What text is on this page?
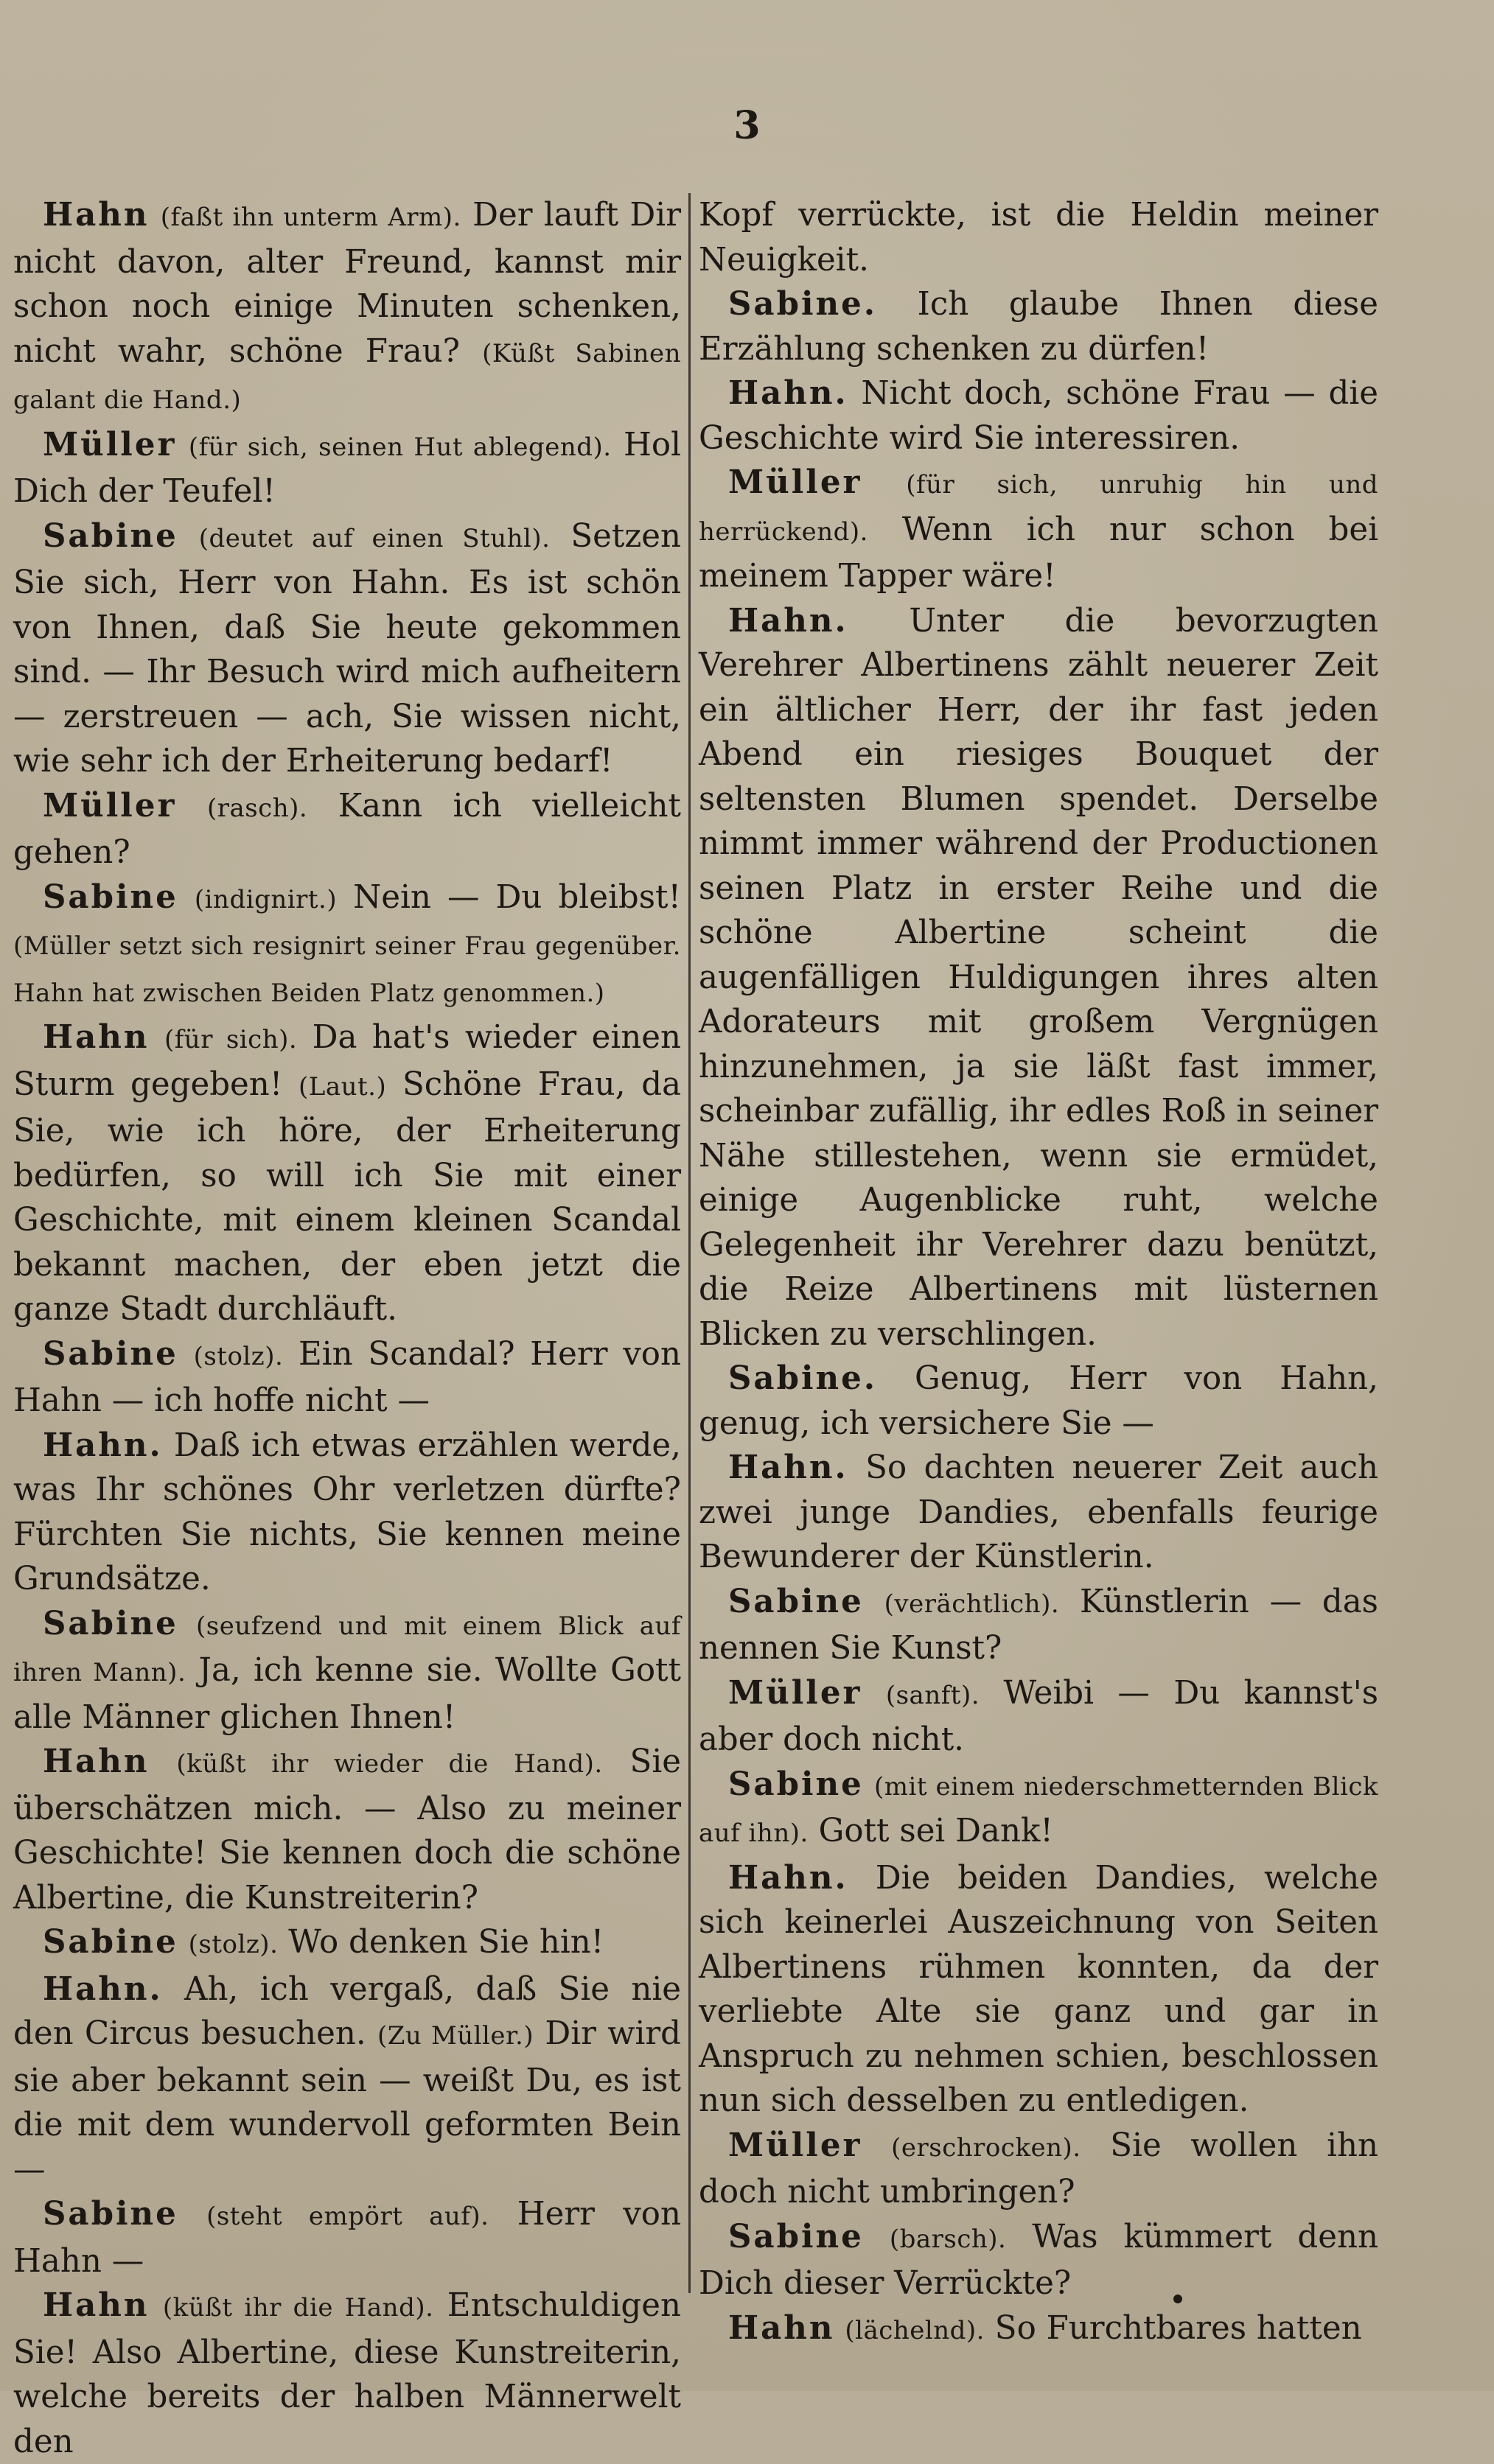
3

Hahn (faßt ihn unterm Arm). Der lauft Dir nicht davon, alter Freund, kannst mir schon noch einige Minuten schenken, nicht wahr, schöne Frau? (Küßt Sabinen galant die Hand.)

Müller (für sich, seinen Hut ablegend). Hol Dich der Teufel!

Sabine (deutet auf einen Stuhl). Setzen Sie sich, Herr von Hahn. Es ist schön von Ihnen, daß Sie heute gekommen sind. — Ihr Besuch wird mich aufheitern — zerstreuen — ach, Sie wissen nicht, wie sehr ich der Erheiterung bedarf!

Müller (rasch). Kann ich vielleicht gehen?

Sabine (indignirt.) Nein — Du bleibst! (Müller setzt sich resignirt seiner Frau gegenüber. Hahn hat zwischen Beiden Platz genommen.)

Hahn (für sich). Da hat's wieder einen Sturm gegeben! (Laut.) Schöne Frau, da Sie, wie ich höre, der Erheiterung bedürfen, so will ich Sie mit einer Geschichte, mit einem kleinen Scandal bekannt machen, der eben jetzt die ganze Stadt durchläuft.

Sabine (stolz). Ein Scandal? Herr von Hahn — ich hoffe nicht —

Hahn. Daß ich etwas erzählen werde, was Ihr schönes Ohr verletzen dürfte? Fürchten Sie nichts, Sie kennen meine Grundsätze.

Sabine (seufzend und mit einem Blick auf ihren Mann). Ja, ich kenne sie. Wollte Gott alle Männer glichen Ihnen!

Hahn (küßt ihr wieder die Hand). Sie überschätzen mich. — Also zu meiner Geschichte! Sie kennen doch die schöne Albertine, die Kunstreiterin?

Sabine (stolz). Wo denken Sie hin!

Hahn. Ah, ich vergaß, daß Sie nie den Circus besuchen. (Zu Müller.) Dir wird sie aber bekannt sein — weißt Du, es ist die mit dem wundervoll geformten Bein —

Sabine (steht empört auf). Herr von Hahn —

Hahn (küßt ihr die Hand). Entschuldigen Sie! Also Albertine, diese Kunstreiterin, welche bereits der halben Männerwelt den

Kopf verrückte, ist die Heldin meiner Neuigkeit.

Sabine. Ich glaube Ihnen diese Erzählung schenken zu dürfen!

Hahn. Nicht doch, schöne Frau — die Geschichte wird Sie interessiren.

Müller (für sich, unruhig hin und herrückend). Wenn ich nur schon bei meinem Tapper wäre!

Hahn. Unter die bevorzugten Verehrer Albertinens zählt neuerer Zeit ein ältlicher Herr, der ihr fast jeden Abend ein riesiges Bouquet der seltensten Blumen spendet. Derselbe nimmt immer während der Productionen seinen Platz in erster Reihe und die schöne Albertine scheint die augenfälligen Huldigungen ihres alten Adorateurs mit großem Vergnügen hinzunehmen, ja sie läßt fast immer, scheinbar zufällig, ihr edles Roß in seiner Nähe stillestehen, wenn sie ermüdet, einige Augenblicke ruht, welche Gelegenheit ihr Verehrer dazu benützt, die Reize Albertinens mit lüsternen Blicken zu verschlingen.

Sabine. Genug, Herr von Hahn, genug, ich versichere Sie —

Hahn. So dachten neuerer Zeit auch zwei junge Dandies, ebenfalls feurige Bewunderer der Künstlerin.

Sabine (verächtlich). Künstlerin — das nennen Sie Kunst?

Müller (sanft). Weibi — Du kannst's aber doch nicht.

Sabine (mit einem niederschmetternden Blick auf ihn). Gott sei Dank!

Hahn. Die beiden Dandies, welche sich keinerlei Auszeichnung von Seiten Albertinens rühmen konnten, da der verliebte Alte sie ganz und gar in Anspruch zu nehmen schien, beschlossen nun sich desselben zu entledigen.

Müller (erschrocken). Sie wollen ihn doch nicht umbringen?

Sabine (barsch). Was kümmert denn Dich dieser Verrückte?

Hahn (lächelnd). So Furchtbares hatten
